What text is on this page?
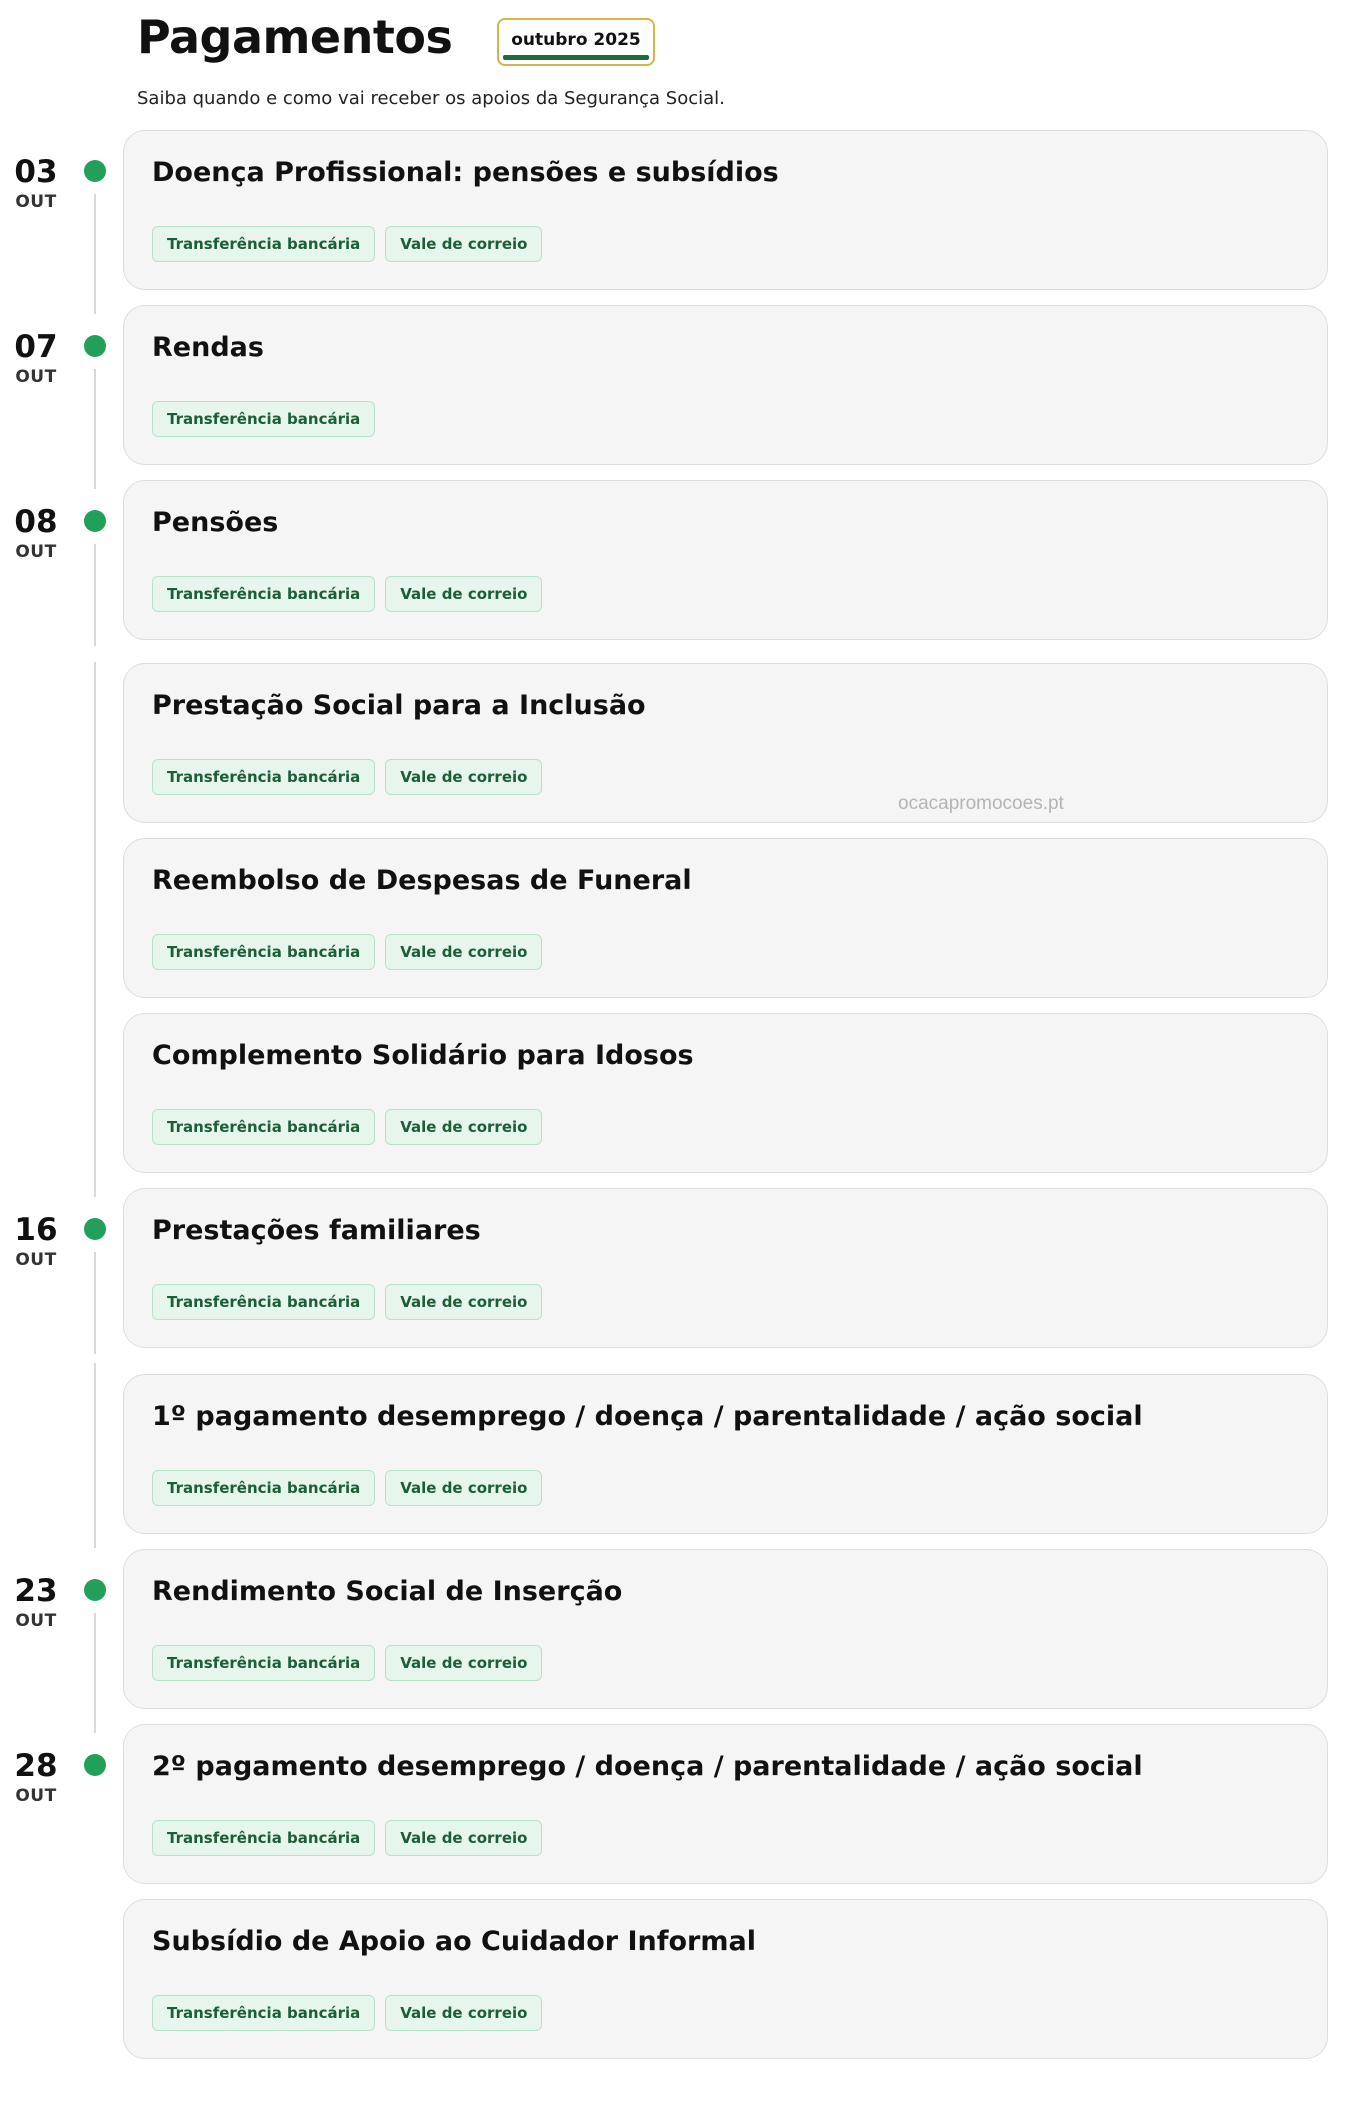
Pagamentos	outubro 2025

Saiba quando e como vai receber os apoios da Segurança Social.

03
OUT
Doença Profissional: pensões e subsídios
Transferência bancária	Vale de correio
07
OUT
Rendas
Transferência bancária
08
OUT
Pensões
Transferência bancária	Vale de correio
Prestação Social para a Inclusão
Transferência bancária	Vale de correio
Reembolso de Despesas de Funeral
Transferência bancária	Vale de correio
Complemento Solidário para Idosos
Transferência bancária	Vale de correio
16
OUT
Prestações familiares
Transferência bancária	Vale de correio
1º pagamento desemprego / doença / parentalidade / ação social
Transferência bancária	Vale de correio
23
OUT
Rendimento Social de Inserção
Transferência bancária	Vale de correio
28
OUT
2º pagamento desemprego / doença / parentalidade / ação social
Transferência bancária	Vale de correio
Subsídio de Apoio ao Cuidador Informal
Transferência bancária	Vale de correio
ocacapromocoes.pt
